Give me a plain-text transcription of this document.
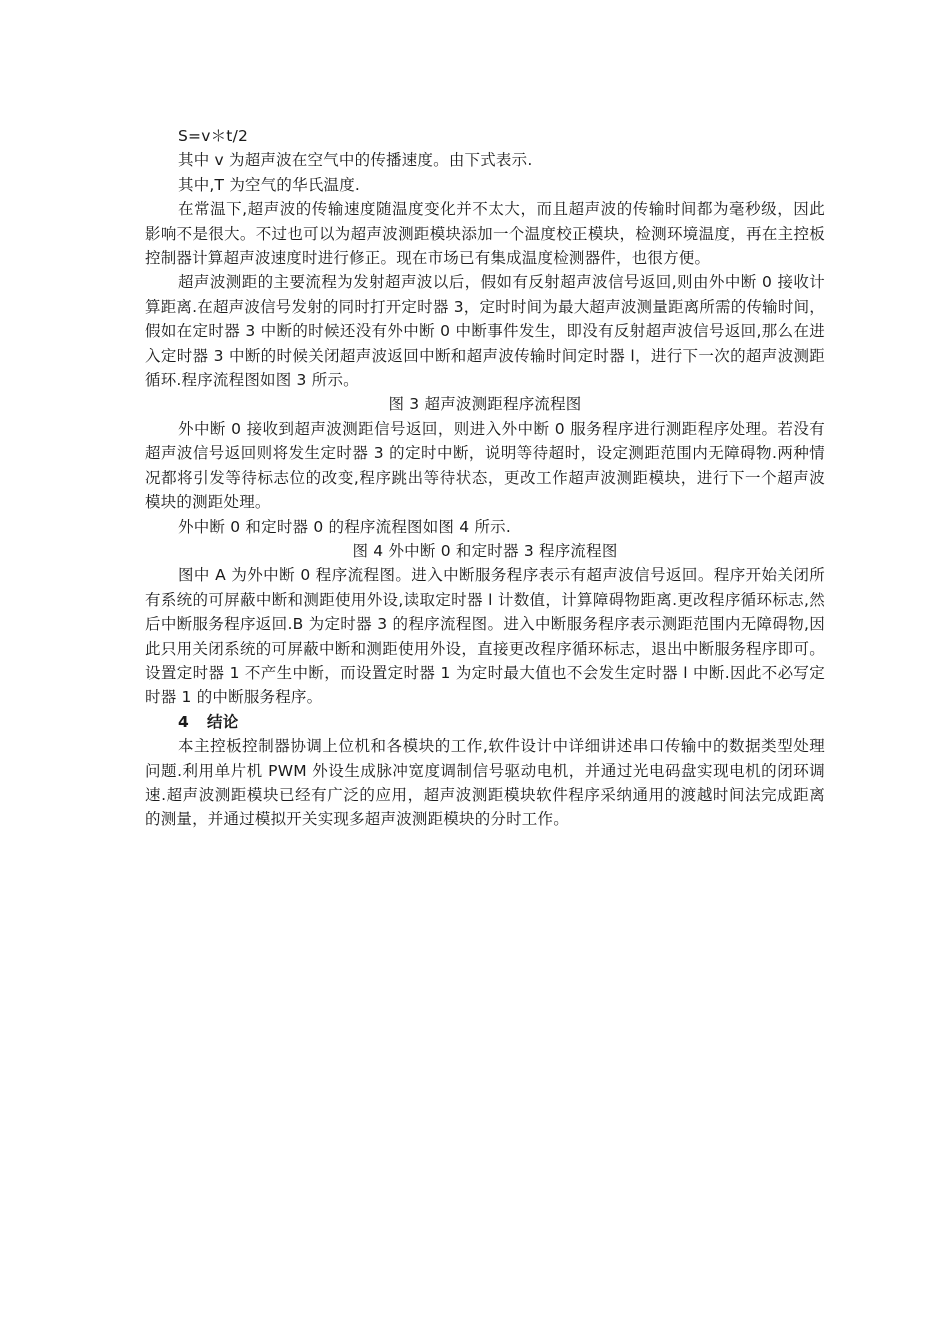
S=v＊t/2

其中 v 为超声波在空气中的传播速度。由下式表示.

其中,T 为空气的华氏温度.

在常温下,超声波的传输速度随温度变化并不太大，而且超声波的传输时间都为毫秒级，因此影响不是很大。不过也可以为超声波测距模块添加一个温度校正模块，检测环境温度，再在主控板控制器计算超声波速度时进行修正。现在市场已有集成温度检测器件，也很方便。

超声波测距的主要流程为发射超声波以后，假如有反射超声波信号返回,则由外中断 0 接收计算距离.在超声波信号发射的同时打开定时器 3，定时时间为最大超声波测量距离所需的传输时间，假如在定时器 3 中断的时候还没有外中断 0 中断事件发生，即没有反射超声波信号返回,那么在进入定时器 3 中断的时候关闭超声波返回中断和超声波传输时间定时器 l，进行下一次的超声波测距循环.程序流程图如图 3 所示。

图 3 超声波测距程序流程图

外中断 0 接收到超声波测距信号返回，则进入外中断 0 服务程序进行测距程序处理。若没有超声波信号返回则将发生定时器 3 的定时中断，说明等待超时，设定测距范围内无障碍物.两种情况都将引发等待标志位的改变,程序跳出等待状态，更改工作超声波测距模块，进行下一个超声波模块的测距处理。

外中断 0 和定时器 0 的程序流程图如图 4 所示.

图 4 外中断 0 和定时器 3 程序流程图

图中 A 为外中断 0 程序流程图。进入中断服务程序表示有超声波信号返回。程序开始关闭所有系统的可屏蔽中断和测距使用外设,读取定时器 l 计数值，计算障碍物距离.更改程序循环标志,然后中断服务程序返回.B 为定时器 3 的程序流程图。进入中断服务程序表示测距范围内无障碍物,因此只用关闭系统的可屏蔽中断和测距使用外设，直接更改程序循环标志，退出中断服务程序即可。设置定时器 1 不产生中断，而设置定时器 1 为定时最大值也不会发生定时器 l 中断.因此不必写定时器 1 的中断服务程序。

4 结论

本主控板控制器协调上位机和各模块的工作,软件设计中详细讲述串口传输中的数据类型处理问题.利用单片机 PWM 外设生成脉冲宽度调制信号驱动电机，并通过光电码盘实现电机的闭环调速.超声波测距模块已经有广泛的应用，超声波测距模块软件程序采纳通用的渡越时间法完成距离的测量，并通过模拟开关实现多超声波测距模块的分时工作。
